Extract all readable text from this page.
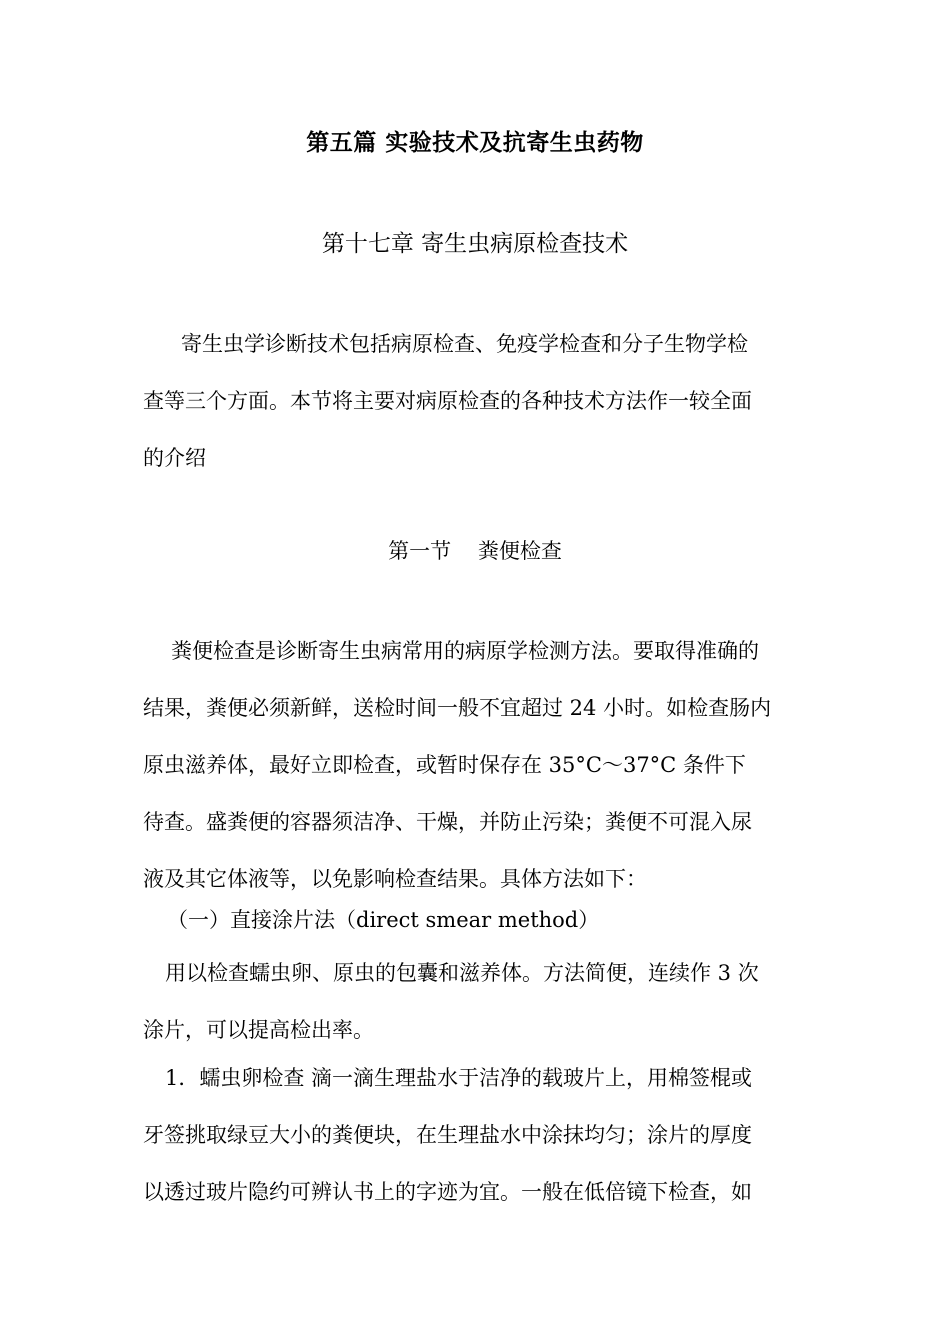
第五篇 实验技术及抗寄生虫药物
第十七章 寄生虫病原检查技术
寄生虫学诊断技术包括病原检查、免疫学检查和分子生物学检
查等三个方面。本节将主要对病原检查的各种技术方法作一较全面
的介绍
第一节    粪便检查
粪便检查是诊断寄生虫病常用的病原学检测方法。要取得准确的
结果，粪便必须新鲜，送检时间一般不宜超过 24 小时。如检查肠内
原虫滋养体，最好立即检查，或暂时保存在 35°C～37°C 条件下
待查。盛粪便的容器须洁净、干燥，并防止污染；粪便不可混入尿
液及其它体液等，以免影响检查结果。具体方法如下：
（一）直接涂片法（direct smear method）
用以检查蠕虫卵、原虫的包囊和滋养体。方法简便，连续作 3 次
涂片，可以提高检出率。
1．蠕虫卵检查 滴一滴生理盐水于洁净的载玻片上，用棉签棍或
牙签挑取绿豆大小的粪便块，在生理盐水中涂抹均匀；涂片的厚度
以透过玻片隐约可辨认书上的字迹为宜。一般在低倍镜下检查，如
